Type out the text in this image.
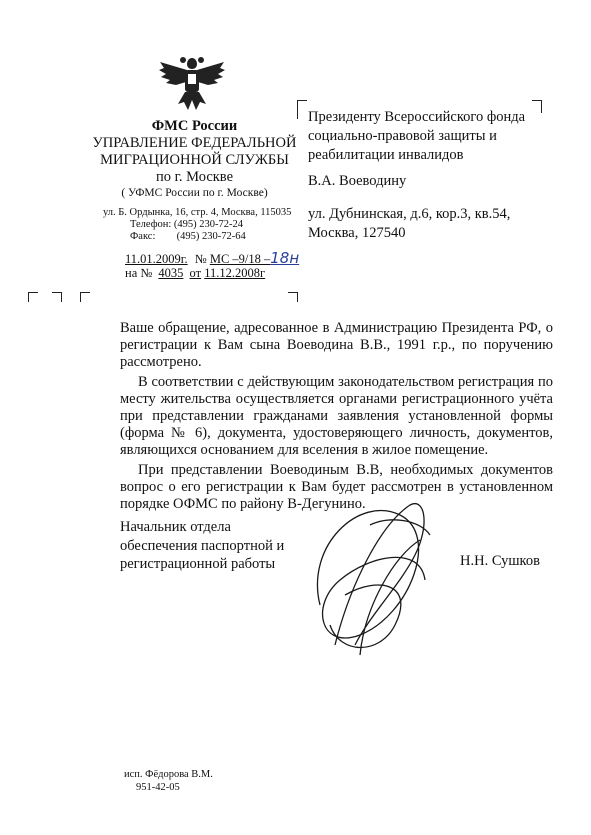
ФМС России
УПРАВЛЕНИЕ ФЕДЕРАЛЬНОЙ
МИГРАЦИОННОЙ СЛУЖБЫ
по г. Москве
( УФМС России по г. Москве)
ул. Б. Ордынка, 16, стр. 4, Москва, 115035
Телефон: (495) 230-72-24
Факс: (495) 230-72-64
11.01.2009г. № МС –9/18 –18н
на № 4035 от 11.12.2008г
Президенту Всероссийского фонда
социально-правовой защиты и
реабилитации инвалидов
В.А. Воеводину
ул. Дубнинская, д.6, кор.3, кв.54,
Москва, 127540

Ваше обращение, адресованное в Администрацию Президента РФ, о регистрации к Вам сына Воеводина В.В., 1991 г.р., по поручению рассмотрено.

В соответствии с действующим законодательством регистрация по месту жительства осуществляется органами регистрационного учёта при представлении гражданами заявления установленной формы (форма № 6), документа, удостоверяющего личность, документов, являющихся основанием для вселения в жилое помещение.

При представлении Воеводиным В.В, необходимых документов вопрос о его регистрации к Вам будет рассмотрен в установленном порядке ОФМС по району В-Дегунино.

Начальник отдела
обеспечения паспортной и
регистрационной работы	Н.Н. Сушков
исп. Фёдорова В.М.
951-42-05
